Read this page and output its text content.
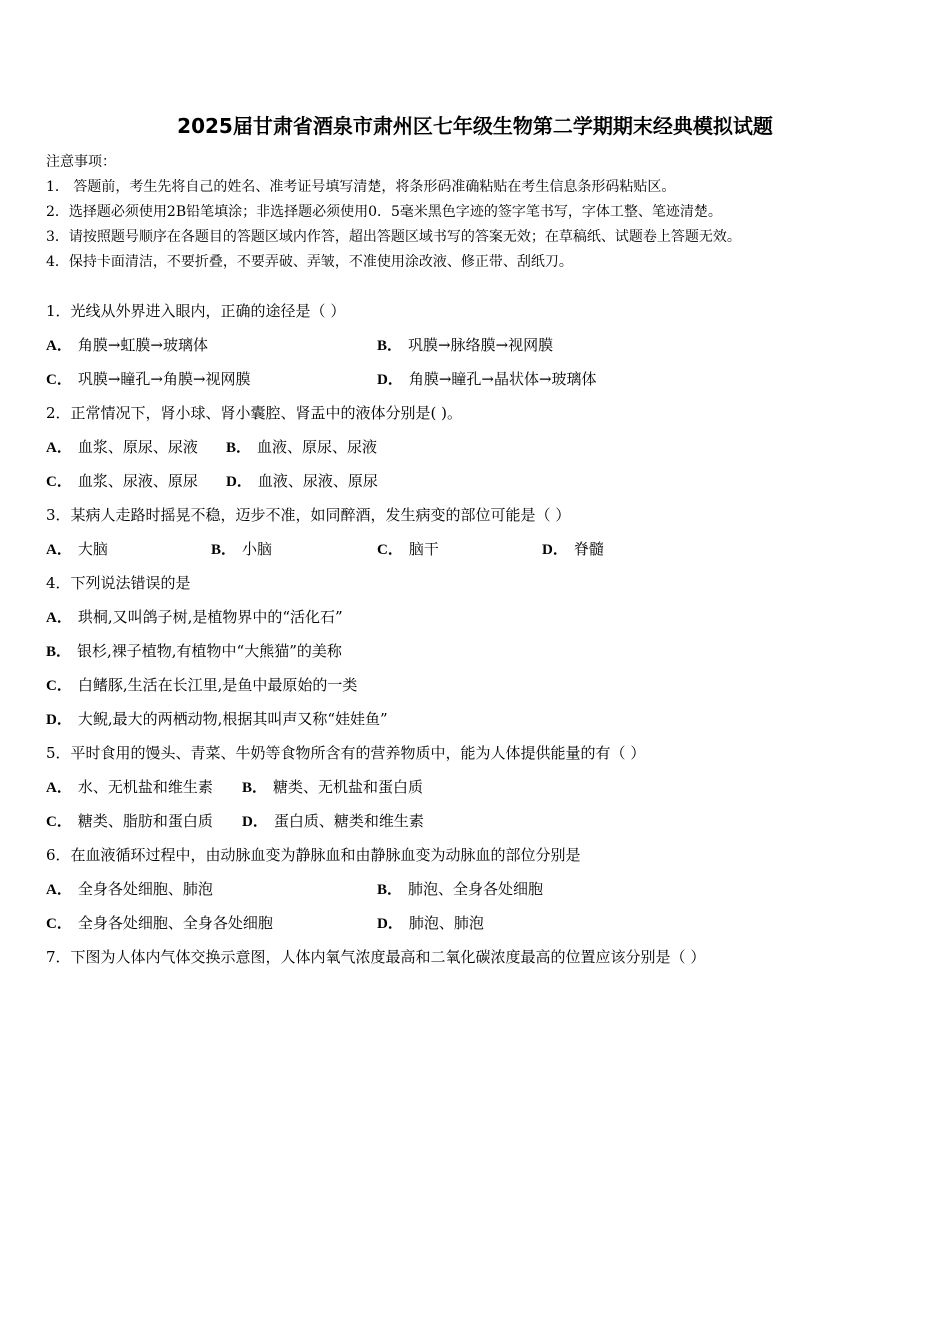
2025届甘肃省酒泉市肃州区七年级生物第二学期期末经典模拟试题
注意事项：
1． 答题前，考生先将自己的姓名、准考证号填写清楚，将条形码准确粘贴在考生信息条形码粘贴区。
2．选择题必须使用2B铅笔填涂；非选择题必须使用0．5毫米黑色字迹的签字笔书写，字体工整、笔迹清楚。
3．请按照题号顺序在各题目的答题区域内作答，超出答题区域书写的答案无效；在草稿纸、试题卷上答题无效。
4．保持卡面清洁，不要折叠，不要弄破、弄皱，不准使用涂改液、修正带、刮纸刀。
1．光线从外界进入眼内，正确的途径是（ ）
A． 角膜→虹膜→玻璃体	B． 巩膜→脉络膜→视网膜
C． 巩膜→瞳孔→角膜→视网膜	D． 角膜→瞳孔→晶状体→玻璃体
2．正常情况下，肾小球、肾小囊腔、肾盂中的液体分别是( )。
A． 血浆、原尿、尿液 B． 血液、原尿、尿液
C． 血浆、尿液、原尿 D． 血液、尿液、原尿
3．某病人走路时摇晃不稳，迈步不准，如同醉酒，发生病变的部位可能是（ ）
A． 大脑	B． 小脑	C． 脑干	D． 脊髓
4．下列说法错误的是
A． 珙桐,又叫鸽子树,是植物界中的“活化石”
B． 银杉,裸子植物,有植物中“大熊猫”的美称
C． 白鳍豚,生活在长江里,是鱼中最原始的一类
D． 大鲵,最大的两栖动物,根据其叫声又称“娃娃鱼”
5．平时食用的馒头、青菜、牛奶等食物所含有的营养物质中，能为人体提供能量的有（ ）
A． 水、无机盐和维生素 B． 糖类、无机盐和蛋白质
C． 糖类、脂肪和蛋白质 D． 蛋白质、糖类和维生素
6．在血液循环过程中，由动脉血变为静脉血和由静脉血变为动脉血的部位分别是
A． 全身各处细胞、肺泡	B． 肺泡、全身各处细胞
C． 全身各处细胞、全身各处细胞	D． 肺泡、肺泡
7．下图为人体内气体交换示意图，人体内氧气浓度最高和二氧化碳浓度最高的位置应该分别是（ ）
